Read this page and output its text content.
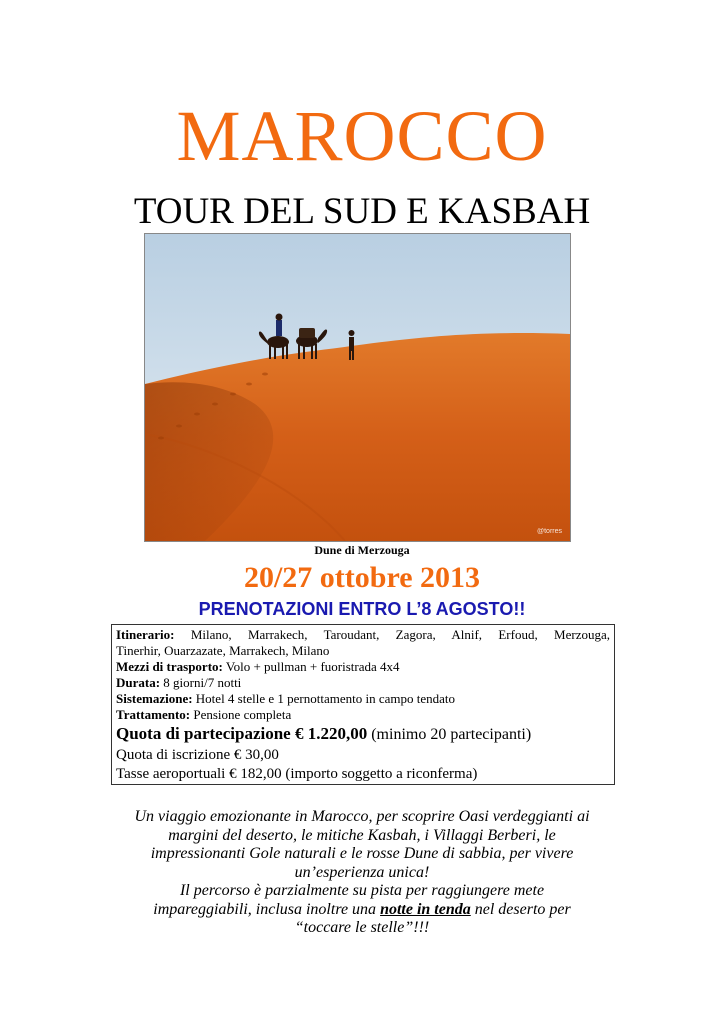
MAROCCO
TOUR DEL SUD E KASBAH
@torres
Dune di Merzouga
20/27 ottobre 2013
PRENOTAZIONI ENTRO L’8 AGOSTO!!

Itinerario: Milano, Marrakech, Taroudant, Zagora, Alnif, Erfoud, Merzouga,

Tinerhir, Ouarzazate, Marrakech, Milano

Mezzi di trasporto: Volo + pullman + fuoristrada 4x4

Durata: 8 giorni/7 notti

Sistemazione: Hotel 4 stelle e 1 pernottamento in campo tendato

Trattamento: Pensione completa

Quota di partecipazione € 1.220,00 (minimo 20 partecipanti)

Quota di iscrizione € 30,00

Tasse aeroportuali € 182,00 (importo soggetto a riconferma)

Un viaggio emozionante in Marocco, per scoprire Oasi verdeggianti ai
margini del deserto, le mitiche Kasbah, i Villaggi Berberi, le
impressionanti Gole naturali e le rosse Dune di sabbia, per vivere
un’esperienza unica!
Il percorso è parzialmente su pista per raggiungere mete
impareggiabili, inclusa inoltre una notte in tenda nel deserto per
“toccare le stelle”!!!
